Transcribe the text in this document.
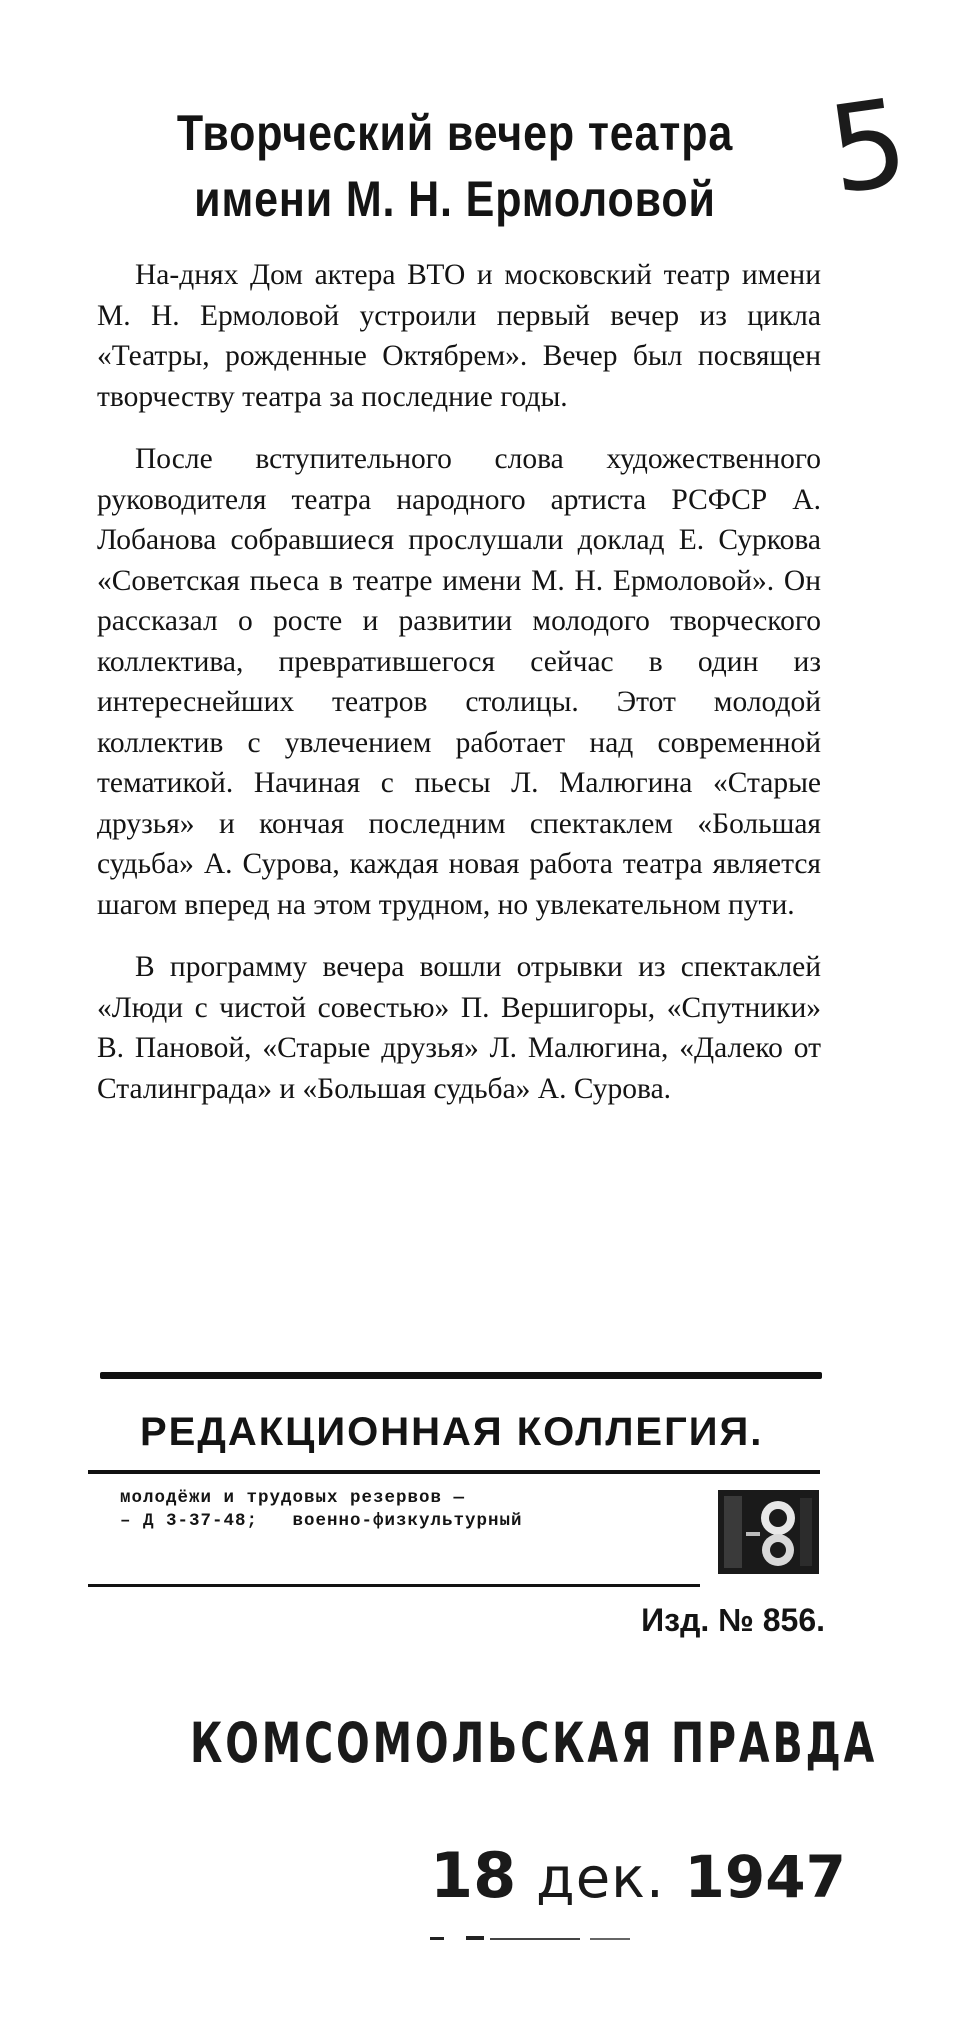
Творческий вечер театра
имени М. Н. Ермоловой 5

На-днях Дом актера ВТО и московский театр имени М. Н. Ермоловой устроили первый вечер из цикла «Театры, рожденные Октябрем». Вечер был посвящен творчеству театра за последние годы.

После вступительного слова художественного руководителя театра народного артиста РСФСР А. Лобанова собравшиеся прослушали доклад Е. Суркова «Советская пьеса в театре имени М. Н. Ермоловой». Он рассказал о росте и развитии молодого творческого коллектива, превратившегося сейчас в один из интереснейших театров столицы. Этот молодой коллектив с увлечением работает над современной тематикой. Начиная с пьесы Л. Малюгина «Старые друзья» и кончая последним спектаклем «Большая судьба» А. Сурова, каждая новая работа театра является шагом вперед на этом трудном, но увлекательном пути.

В программу вечера вошли отрывки из спектаклей «Люди с чистой совестью» П. Вершигоры, «Спутники» В. Пановой, «Старые друзья» Л. Малюгина, «Далеко от Сталинграда» и «Большая судьба» А. Сурова.

РЕДАКЦИОННАЯ КОЛЛЕГИЯ.
молодёжи и трудовых резервов —
– Д 3-37-48;   военно-физкультурный
Изд. № 856.
КОМСОМОЛЬСКАЯ ПРАВДА
18 дек. 1947
